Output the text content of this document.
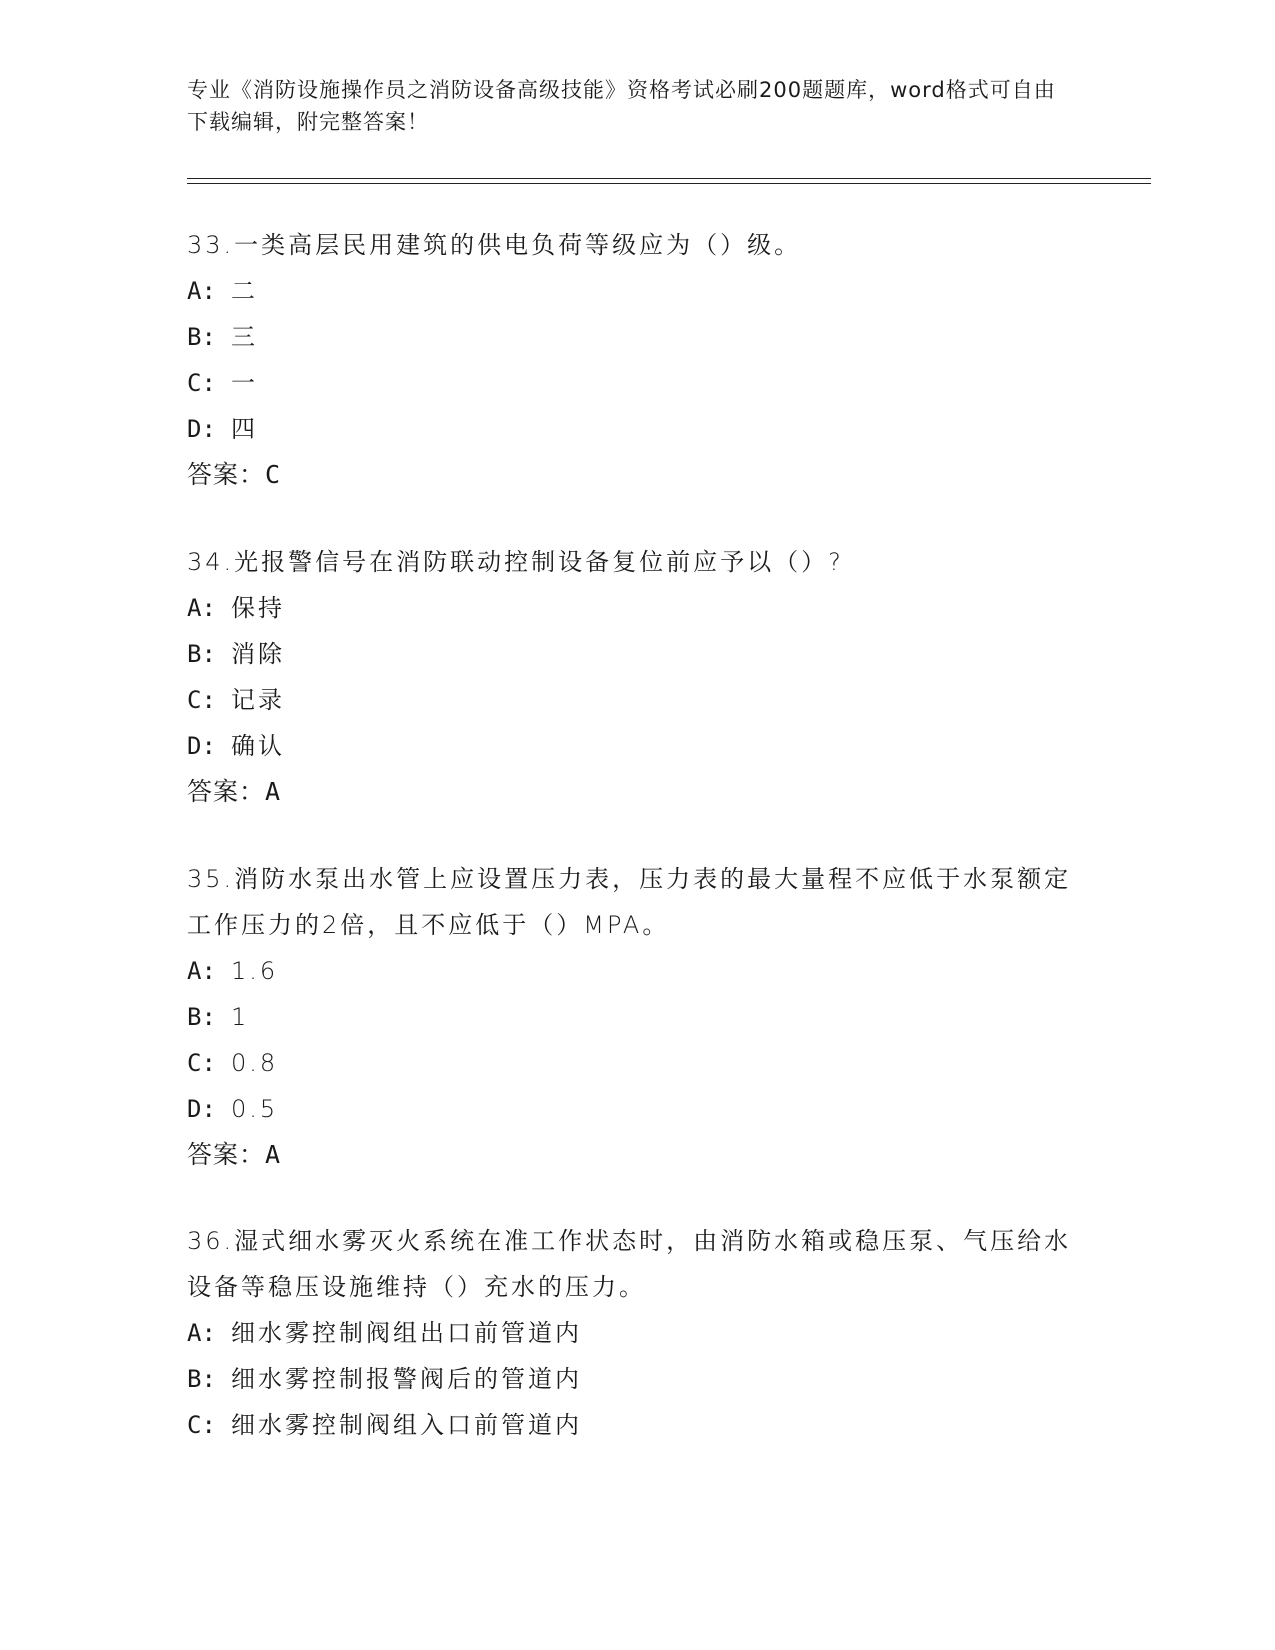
专业《消防设施操作员之消防设备高级技能》资格考试必刷200题题库，word格式可自由下载编辑，附完整答案！
33.一类高层民用建筑的供电负荷等级应为（）级。
A: 二
B: 三
C: 一
D: 四
答案：C
34.光报警信号在消防联动控制设备复位前应予以（）?
A: 保持
B: 消除
C: 记录
D: 确认
答案：A
35.消防水泵出水管上应设置压力表，压力表的最大量程不应低于水泵额定工作压力的2倍，且不应低于（）MPA。
A: 1.6
B: 1
C: 0.8
D: 0.5
答案：A
36.湿式细水雾灭火系统在准工作状态时，由消防水箱或稳压泵、气压给水设备等稳压设施维持（）充水的压力。
A: 细水雾控制阀组出口前管道内
B: 细水雾控制报警阀后的管道内
C: 细水雾控制阀组入口前管道内
